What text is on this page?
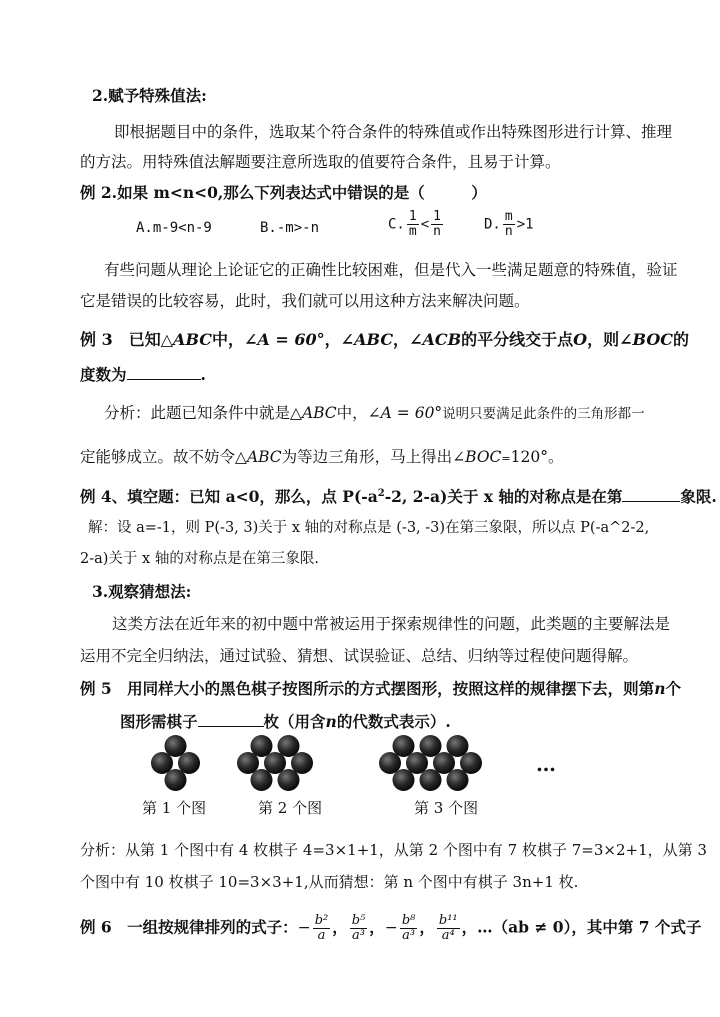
2.赋予特殊值法:
即根据题目中的条件，选取某个符合条件的特殊值或作出特殊图形进行计算、推理
的方法。用特殊值法解题要注意所选取的值要符合条件，且易于计算。
例 2.如果 m<n<0,那么下列表达式中错误的是（　　　）
A.m-9<n-9	B.-m>-n	C. $\frac{1}{m} < \frac{1}{n}$	D. $\frac{m}{n} >1$
有些问题从理论上论证它的正确性比较困难，但是代入一些满足题意的特殊值，验证
它是错误的比较容易，此时，我们就可以用这种方法来解决问题。
例 3　已知△ABC中，∠A = 60°，∠ABC，∠ACB的平分线交于点O，则∠BOC的
度数为	.
分析：此题已知条件中就是△ABC中，∠A = 60°说明只要满足此条件的三角形都一
定能够成立。故不妨令△ABC为等边三角形，马上得出∠BOC=120°。
例 4、填空题：已知 a<0，那么，点 $P(-a^2-2$, 2-a)关于 x 轴的对称点是在第	象限.
解：设 a=-1，则 P(-3, 3)关于 x 轴的对称点是 (-3, -3)在第三象限，所以点 P(-a^2-2,
2-a)关于 x 轴的对称点是在第三象限.
3.观察猜想法:
这类方法在近年来的初中题中常被运用于探索规律性的问题，此类题的主要解法是
运用不完全归纳法，通过试验、猜想、试误验证、总结、归纳等过程使问题得解。
例 5　用同样大小的黑色棋子按图所示的方式摆图形，按照这样的规律摆下去，则第n个
图形需棋子	枚（用含n的代数式表示）.
…
第 1 个图	第 2 个图	第 3 个图
分析：从第 1 个图中有 4 枚棋子 4=3×1+1，从第 2 个图中有 7 枚棋子 7=3×2+1，从第 3
个图中有 10 枚棋子 10=3×3+1,从而猜想：第 n 个图中有棋子 3n+1 枚.
例 6　一组按规律排列的式子：− $\frac{\text{b²}}{a}$ ， $\frac{\text{b⁵}}{\text{a³}}$ ，− $\frac{\text{b⁸}}{\text{a³}}$ ， $\frac{\text{b¹¹}}{\text{a⁴}}$ ，…（ab ≠ 0），其中第 7 个式子
